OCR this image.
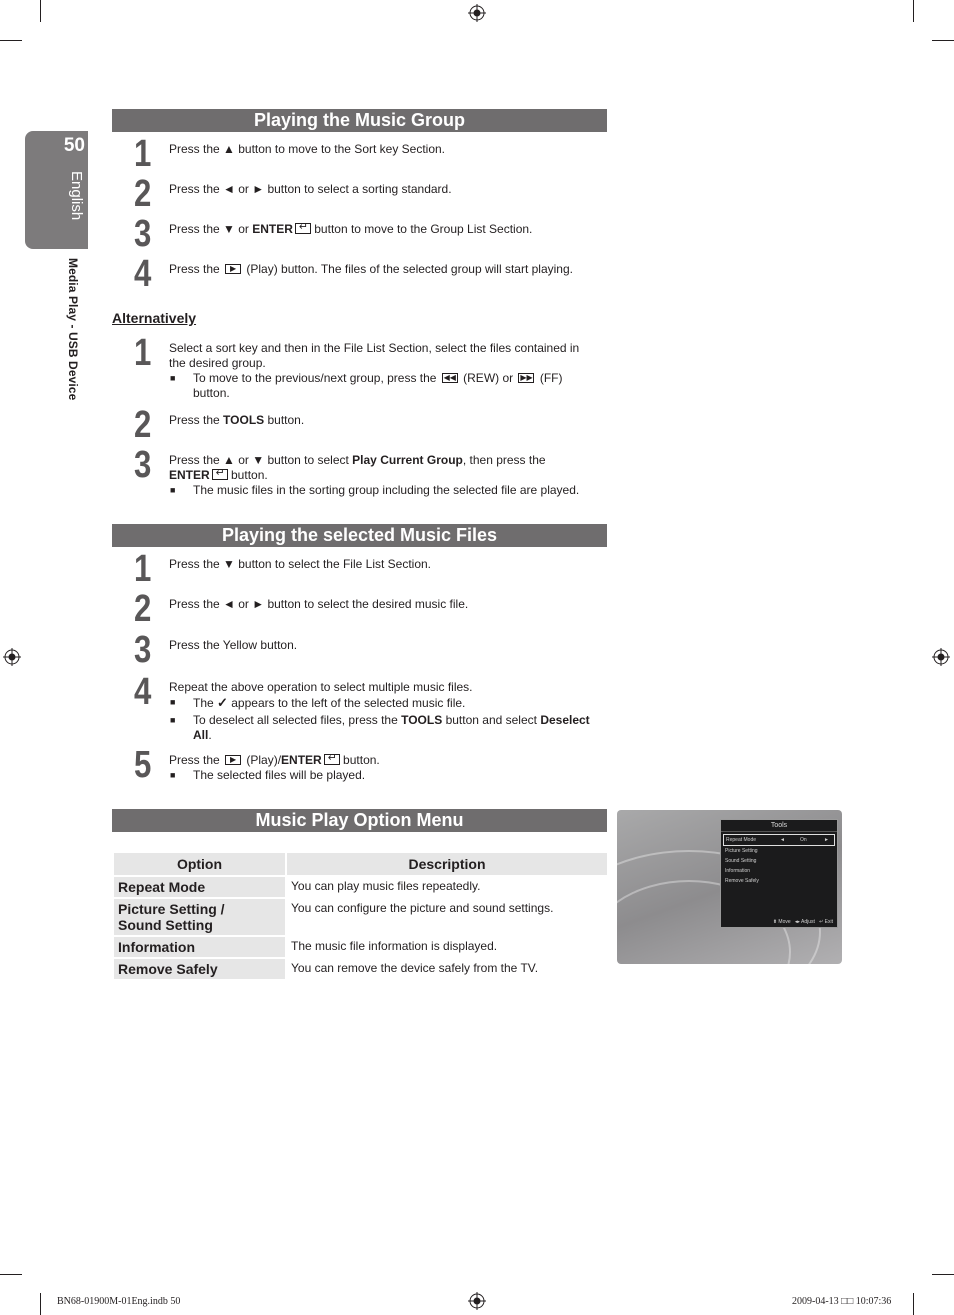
50
English
Media Play - USB Device
Playing the Music Group
1 Press the ▲ button to move to the Sort key Section.
2 Press the ◄ or ► button to select a sorting standard.
3 Press the ▼ or ENTER↵ button to move to the Group List Section.
4 Press the ▶ (Play) button. The files of the selected group will start playing.
Alternatively
1 Select a sort key and then in the File List Section, select the files contained in the desired group.
■ To move to the previous/next group, press the ◀◀ (REW) or ▶▶ (FF) button.
2 Press the TOOLS button.
3 Press the ▲ or ▼ button to select Play Current Group, then press the
ENTER↵ button.
■ The music files in the sorting group including the selected file are played.
Playing the selected Music Files
1 Press the ▼ button to select the File List Section.
2 Press the ◄ or ► button to select the desired music file.
3 Press the Yellow button.
4 Repeat the above operation to select multiple music files.
■ The ✓ appears to the left of the selected music file.
■ To deselect all selected files, press the TOOLS button and select Deselect All.
5 Press the ▶ (Play)/ENTER↵ button.
■ The selected files will be played.
Music Play Option Menu
Option	Description
Repeat Mode	You can play music files repeatedly.
Picture Setting /
Sound Setting	You can configure the picture and sound settings.
Information	The music file information is displayed.
Remove Safely	You can remove the device safely from the TV.
Tools
Repeat Mode	◄	On	►
Picture Setting
Sound Setting
Information
Remove Safely
⬍ Move ◂▸ Adjust ↵ Exit
BN68-01900M-01Eng.indb 50	2009-04-13 □□ 10:07:36
